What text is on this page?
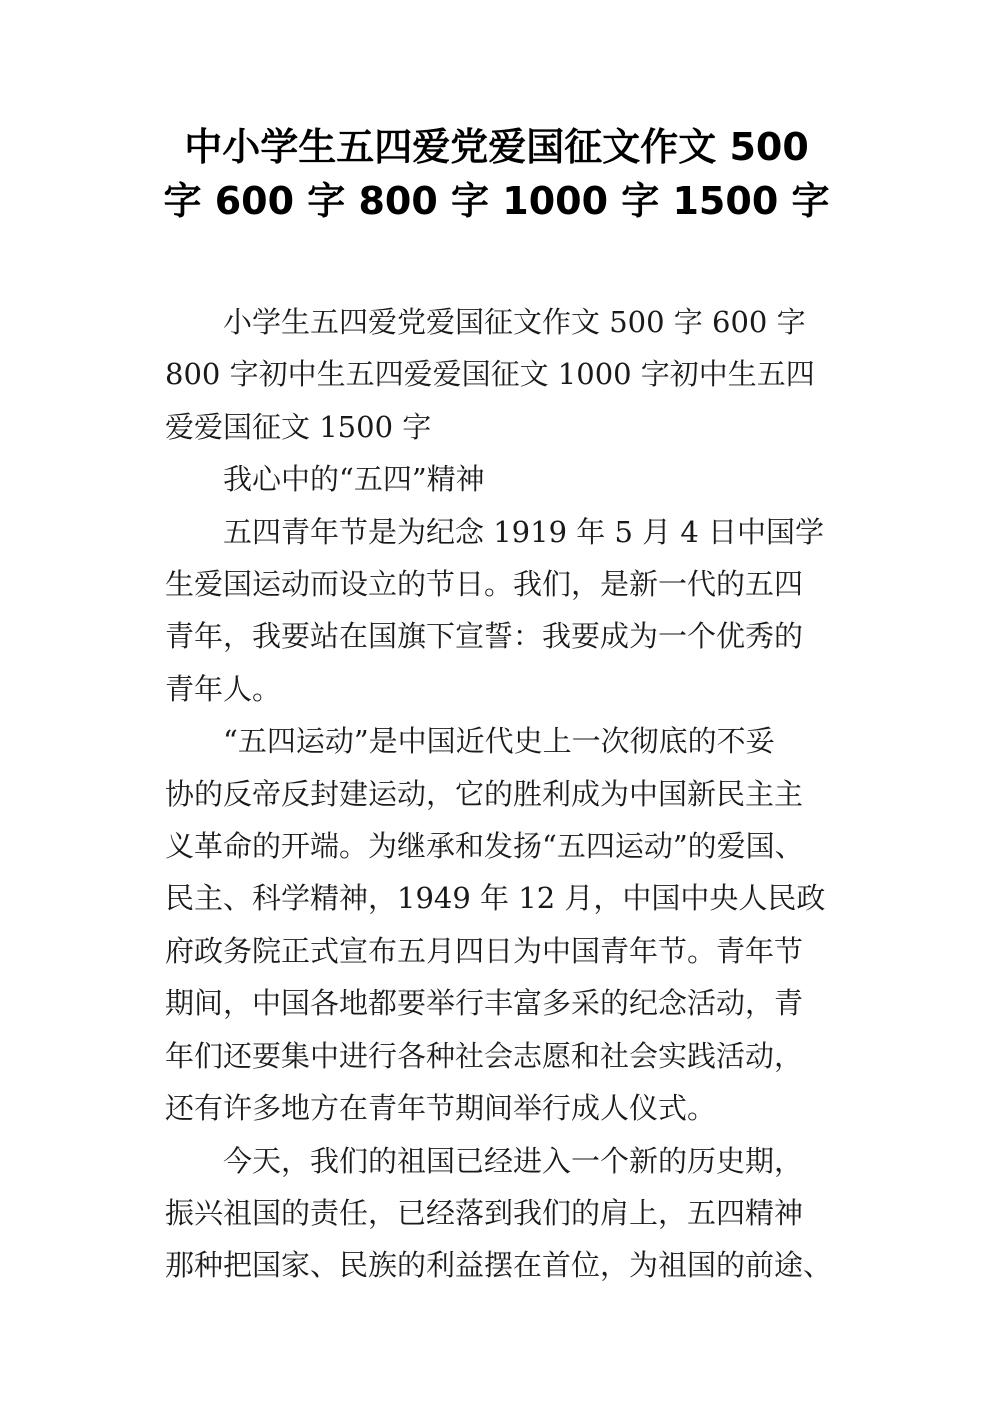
中小学生五四爱党爱国征文作文 500
字 600 字 800 字 1000 字 1500 字
　　小学生五四爱党爱国征文作文 500 字 600 字
800 字初中生五四爱爱国征文 1000 字初中生五四
爱爱国征文 1500 字
　　我心中的“五四”精神
　　五四青年节是为纪念 1919 年 5 月 4 日中国学
生爱国运动而设立的节日。我们，是新一代的五四
青年，我要站在国旗下宣誓：我要成为一个优秀的
青年人。
　　“五四运动”是中国近代史上一次彻底的不妥
协的反帝反封建运动，它的胜利成为中国新民主主
义革命的开端。为继承和发扬“五四运动”的爱国、
民主、科学精神，1949 年 12 月，中国中央人民政
府政务院正式宣布五月四日为中国青年节。青年节
期间，中国各地都要举行丰富多采的纪念活动，青
年们还要集中进行各种社会志愿和社会实践活动，
还有许多地方在青年节期间举行成人仪式。
　　今天，我们的祖国已经进入一个新的历史期，
振兴祖国的责任，已经落到我们的肩上，五四精神
那种把国家、民族的利益摆在首位，为祖国的前途、
